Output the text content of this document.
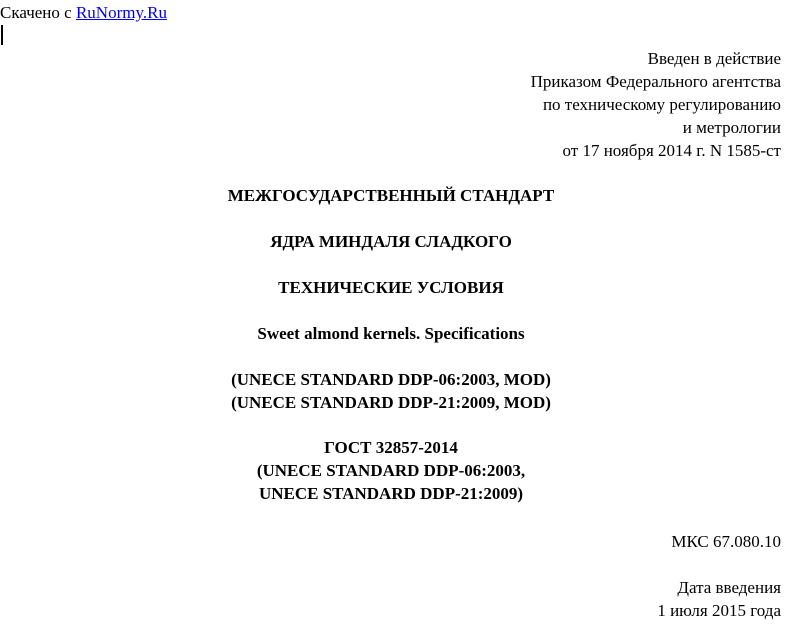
Скачено с RuNormy.Ru
Введен в действие
Приказом Федерального агентства
по техническому регулированию
и метрологии
от 17 ноября 2014 г. N 1585-ст
МЕЖГОСУДАРСТВЕННЫЙ СТАНДАРТ
ЯДРА МИНДАЛЯ СЛАДКОГО
ТЕХНИЧЕСКИЕ УСЛОВИЯ
Sweet almond kernels. Specifications
(UNECE STANDARD DDP-06:2003, MOD)
(UNECE STANDARD DDP-21:2009, MOD)
ГОСТ 32857-2014
(UNECE STANDARD DDP-06:2003,
UNECE STANDARD DDP-21:2009)
МКС 67.080.10
Дата введения
1 июля 2015 года
